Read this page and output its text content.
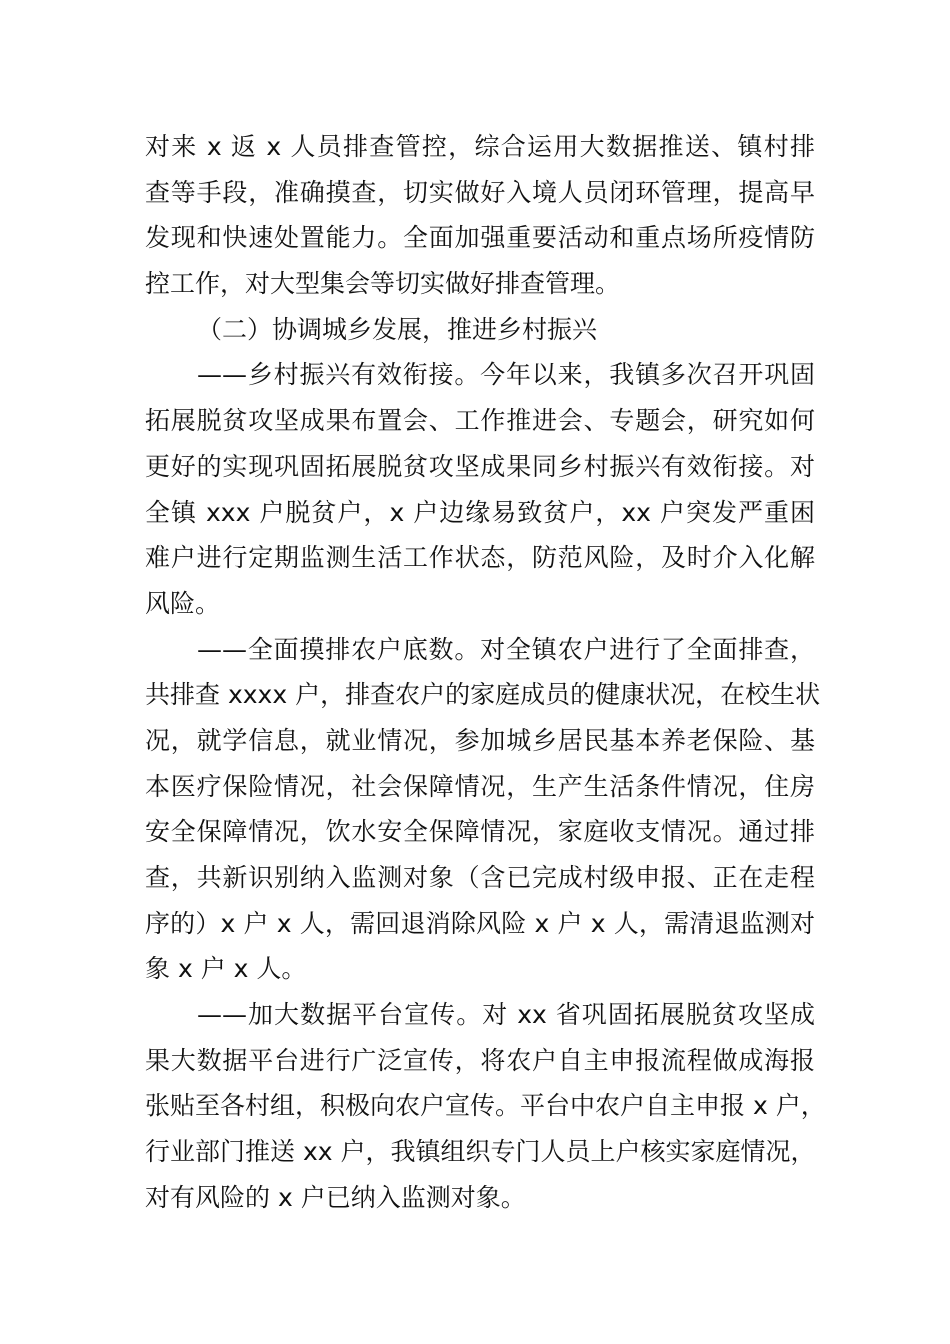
对来 x 返 x 人员排查管控，综合运用大数据推送、镇村排
查等手段，准确摸查，切实做好入境人员闭环管理，提高早
发现和快速处置能力。全面加强重要活动和重点场所疫情防
控工作，对大型集会等切实做好排查管理。
（二）协调城乡发展，推进乡村振兴
——乡村振兴有效衔接。今年以来，我镇多次召开巩固
拓展脱贫攻坚成果布置会、工作推进会、专题会，研究如何
更好的实现巩固拓展脱贫攻坚成果同乡村振兴有效衔接。对
全镇 xxx 户脱贫户，x 户边缘易致贫户，xx 户突发严重困
难户进行定期监测生活工作状态，防范风险，及时介入化解
风险。
——全面摸排农户底数。对全镇农户进行了全面排查，
共排查 xxxx 户，排查农户的家庭成员的健康状况，在校生状
况，就学信息，就业情况，参加城乡居民基本养老保险、基
本医疗保险情况，社会保障情况，生产生活条件情况，住房
安全保障情况，饮水安全保障情况，家庭收支情况。通过排
查，共新识别纳入监测对象（含已完成村级申报、正在走程
序的）x 户 x 人，需回退消除风险 x 户 x 人，需清退监测对
象 x 户 x 人。
——加大数据平台宣传。对 xx 省巩固拓展脱贫攻坚成
果大数据平台进行广泛宣传，将农户自主申报流程做成海报
张贴至各村组，积极向农户宣传。平台中农户自主申报 x 户，
行业部门推送 xx 户，我镇组织专门人员上户核实家庭情况，
对有风险的 x 户已纳入监测对象。
